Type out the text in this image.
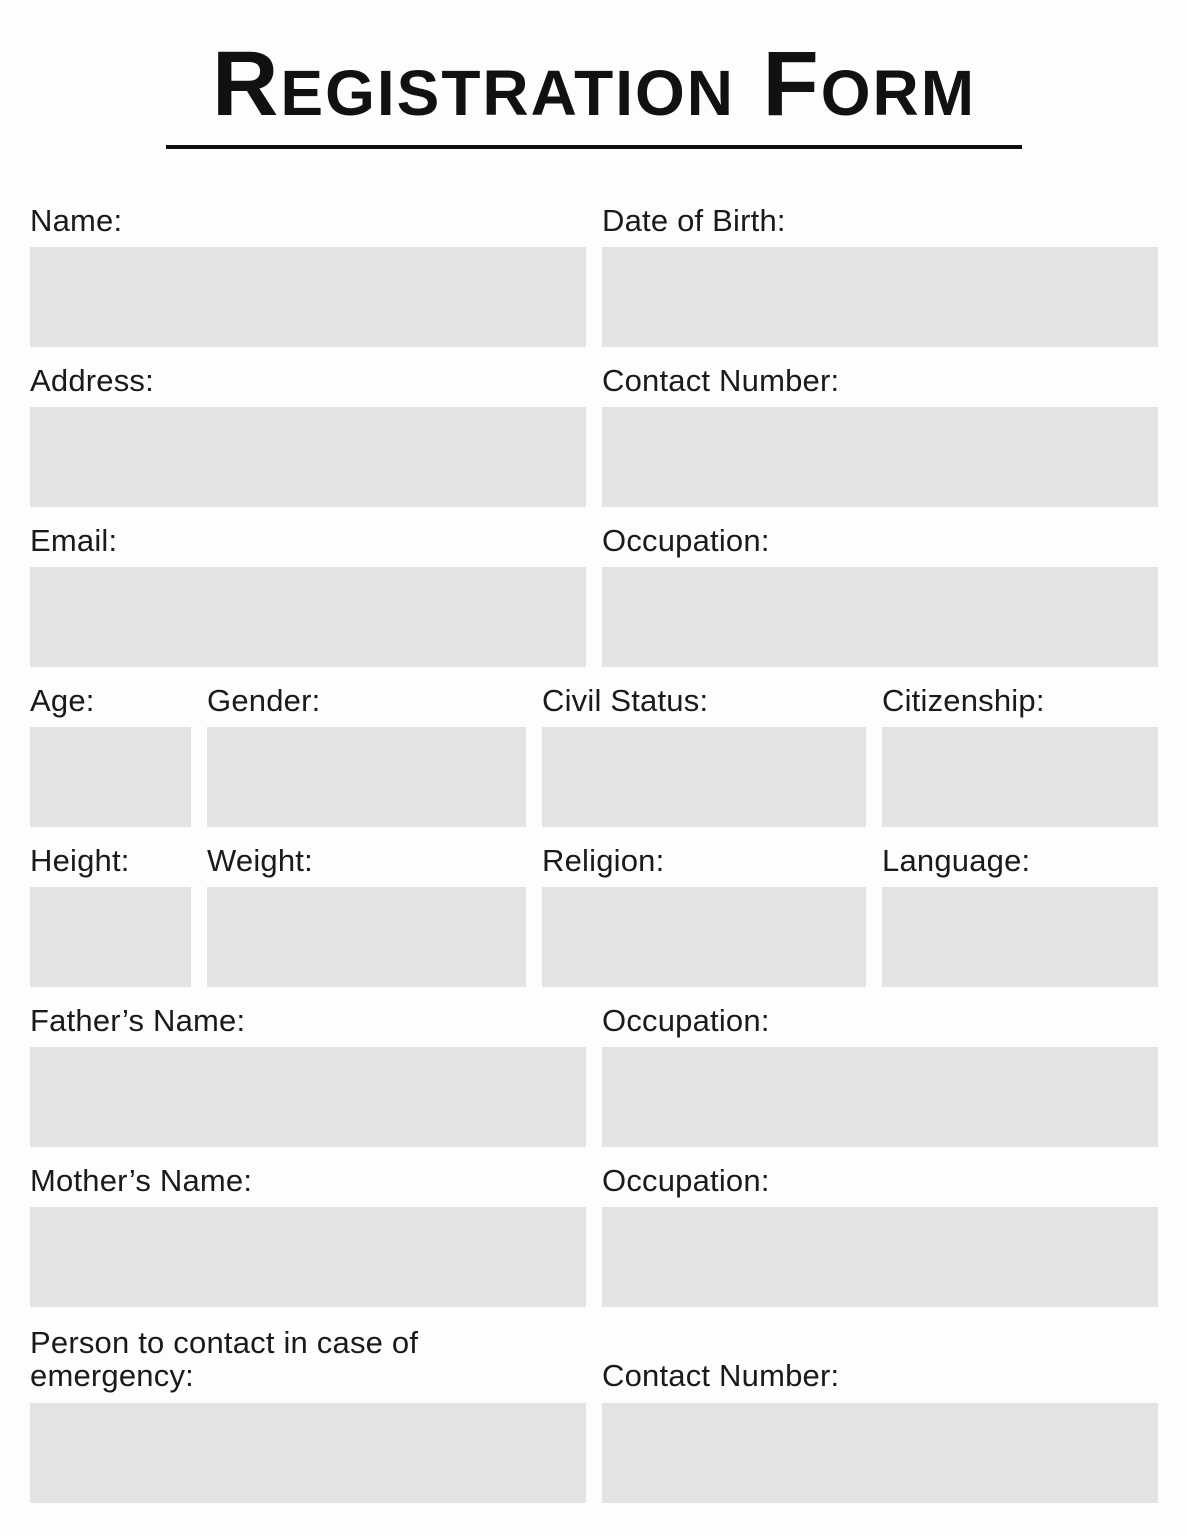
Registration Form
Name:	Date of Birth:
Address:	Contact Number:
Email:	Occupation:
Age:	Gender:	Civil Status:	Citizenship:
Height:	Weight:	Religion:	Language:
Father’s Name:	Occupation:
Mother’s Name:	Occupation:
Person to contact in case of emergency:	Contact Number:
